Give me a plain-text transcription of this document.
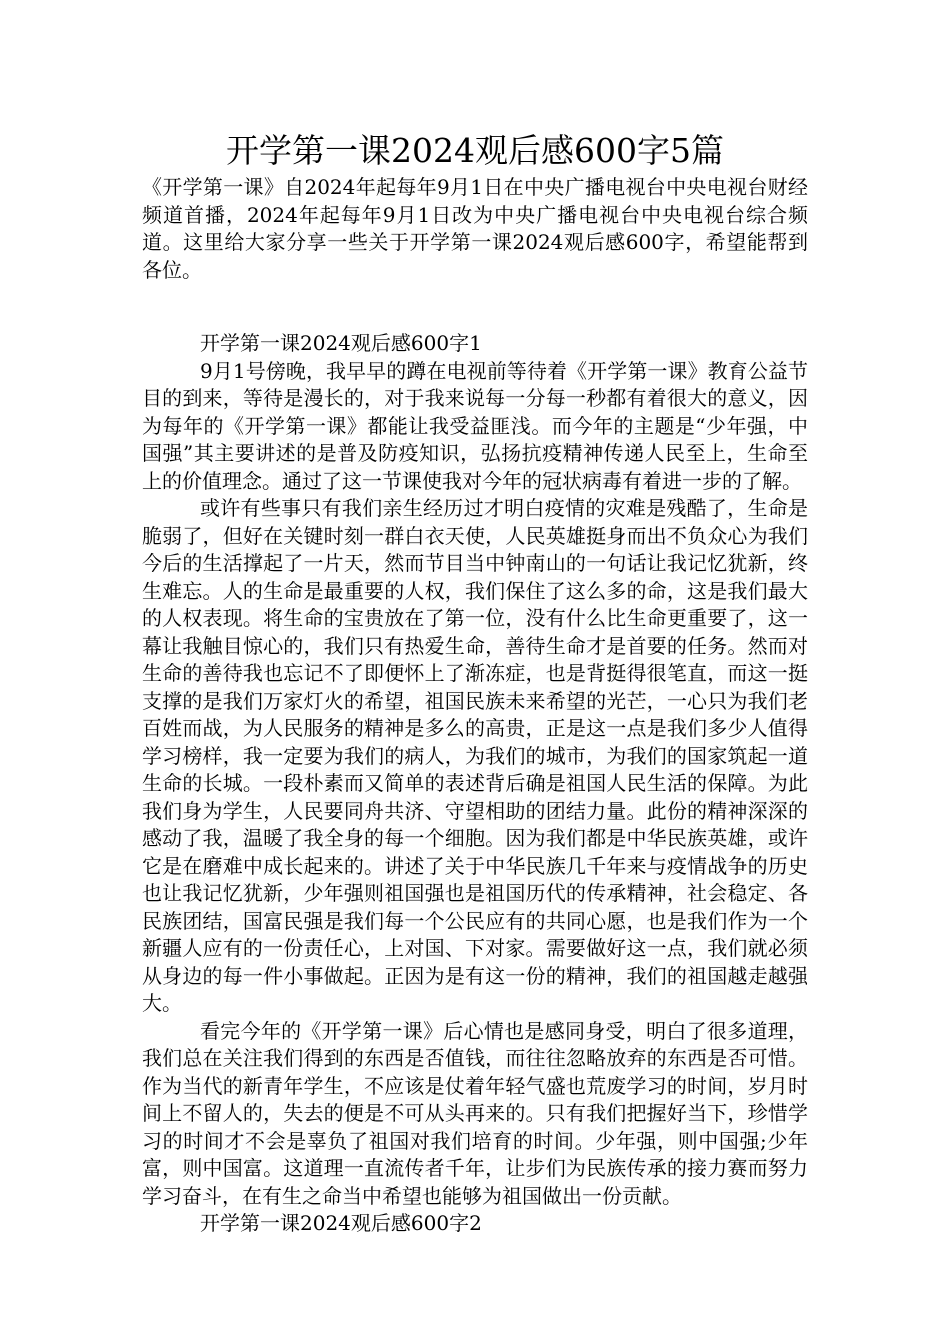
开学第一课2024观后感600字5篇

《开学第一课》自2024年起每年9月1日在中央广播电视台中央电视台财经频道首播，2024年起每年9月1日改为中央广播电视台中央电视台综合频道。这里给大家分享一些关于开学第一课2024观后感600字，希望能帮到各位。

开学第一课2024观后感600字1

9月1号傍晚，我早早的蹲在电视前等待着《开学第一课》教育公益节目的到来，等待是漫长的，对于我来说每一分每一秒都有着很大的意义，因为每年的《开学第一课》都能让我受益匪浅。而今年的主题是“少年强，中国强”其主要讲述的是普及防疫知识，弘扬抗疫精神传递人民至上，生命至上的价值理念。通过了这一节课使我对今年的冠状病毒有着进一步的了解。

或许有些事只有我们亲生经历过才明白疫情的灾难是残酷了，生命是脆弱了，但好在关键时刻一群白衣天使，人民英雄挺身而出不负众心为我们今后的生活撑起了一片天，然而节目当中钟南山的一句话让我记忆犹新，终生难忘。人的生命是最重要的人权，我们保住了这么多的命，这是我们最大的人权表现。将生命的宝贵放在了第一位，没有什么比生命更重要了，这一幕让我触目惊心的，我们只有热爱生命，善待生命才是首要的任务。然而对生命的善待我也忘记不了即便怀上了渐冻症，也是背挺得很笔直，而这一挺支撑的是我们万家灯火的希望，祖国民族未来希望的光芒，一心只为我们老百姓而战，为人民服务的精神是多么的高贵，正是这一点是我们多少人值得学习榜样，我一定要为我们的病人，为我们的城市，为我们的国家筑起一道生命的长城。一段朴素而又简单的表述背后确是祖国人民生活的保障。为此我们身为学生，人民要同舟共济、守望相助的团结力量。此份的精神深深的感动了我，温暖了我全身的每一个细胞。因为我们都是中华民族英雄，或许它是在磨难中成长起来的。讲述了关于中华民族几千年来与疫情战争的历史也让我记忆犹新，少年强则祖国强也是祖国历代的传承精神，社会稳定、各民族团结，国富民强是我们每一个公民应有的共同心愿，也是我们作为一个新疆人应有的一份责任心，上对国、下对家。需要做好这一点，我们就必须从身边的每一件小事做起。正因为是有这一份的精神，我们的祖国越走越强大。

看完今年的《开学第一课》后心情也是感同身受，明白了很多道理，我们总在关注我们得到的东西是否值钱，而往往忽略放弃的东西是否可惜。作为当代的新青年学生，不应该是仗着年轻气盛也荒废学习的时间，岁月时间上不留人的，失去的便是不可从头再来的。只有我们把握好当下，珍惜学习的时间才不会是辜负了祖国对我们培育的时间。少年强，则中国强;少年富，则中国富。这道理一直流传者千年，让步们为民族传承的接力赛而努力学习奋斗，在有生之命当中希望也能够为祖国做出一份贡献。

开学第一课2024观后感600字2
